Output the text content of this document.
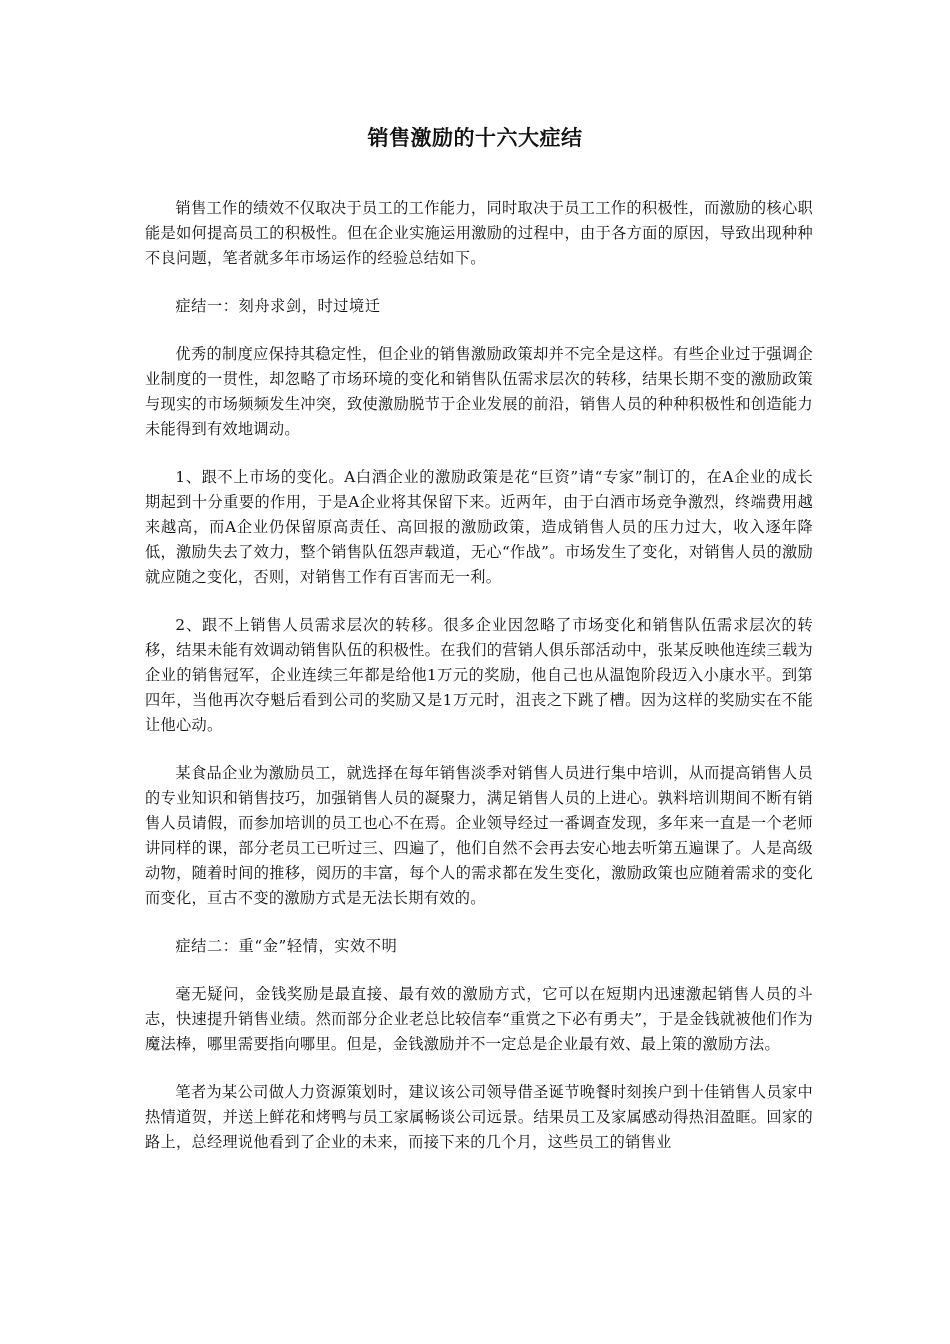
销售激励的十六大症结

销售工作的绩效不仅取决于员工的工作能力，同时取决于员工工作的积极性，而激励的核心职能是如何提高员工的积极性。但在企业实施运用激励的过程中，由于各方面的原因，导致出现种种不良问题，笔者就多年市场运作的经验总结如下。

症结一：刻舟求剑，时过境迁

优秀的制度应保持其稳定性，但企业的销售激励政策却并不完全是这样。有些企业过于强调企业制度的一贯性，却忽略了市场环境的变化和销售队伍需求层次的转移，结果长期不变的激励政策与现实的市场频频发生冲突，致使激励脱节于企业发展的前沿，销售人员的种种积极性和创造能力未能得到有效地调动。

1、跟不上市场的变化。A白酒企业的激励政策是花“巨资”请“专家”制订的，在A企业的成长期起到十分重要的作用，于是A企业将其保留下来。近两年，由于白酒市场竞争激烈，终端费用越来越高，而A企业仍保留原高责任、高回报的激励政策，造成销售人员的压力过大，收入逐年降低，激励失去了效力，整个销售队伍怨声载道，无心“作战”。市场发生了变化，对销售人员的激励就应随之变化，否则，对销售工作有百害而无一利。

2、跟不上销售人员需求层次的转移。很多企业因忽略了市场变化和销售队伍需求层次的转移，结果未能有效调动销售队伍的积极性。在我们的营销人俱乐部活动中，张某反映他连续三载为企业的销售冠军，企业连续三年都是给他1万元的奖励，他自己也从温饱阶段迈入小康水平。到第四年，当他再次夺魁后看到公司的奖励又是1万元时，沮丧之下跳了槽。因为这样的奖励实在不能让他心动。

某食品企业为激励员工，就选择在每年销售淡季对销售人员进行集中培训，从而提高销售人员的专业知识和销售技巧，加强销售人员的凝聚力，满足销售人员的上进心。孰料培训期间不断有销售人员请假，而参加培训的员工也心不在焉。企业领导经过一番调查发现，多年来一直是一个老师讲同样的课，部分老员工已听过三、四遍了，他们自然不会再去安心地去听第五遍课了。人是高级动物，随着时间的推移，阅历的丰富，每个人的需求都在发生变化，激励政策也应随着需求的变化而变化，亘古不变的激励方式是无法长期有效的。

症结二：重“金”轻情，实效不明

毫无疑问，金钱奖励是最直接、最有效的激励方式，它可以在短期内迅速激起销售人员的斗志，快速提升销售业绩。然而部分企业老总比较信奉“重赏之下必有勇夫”，于是金钱就被他们作为魔法棒，哪里需要指向哪里。但是，金钱激励并不一定总是企业最有效、最上策的激励方法。

笔者为某公司做人力资源策划时，建议该公司领导借圣诞节晚餐时刻挨户到十佳销售人员家中热情道贺，并送上鲜花和烤鸭与员工家属畅谈公司远景。结果员工及家属感动得热泪盈眶。回家的路上，总经理说他看到了企业的未来，而接下来的几个月，这些员工的销售业
